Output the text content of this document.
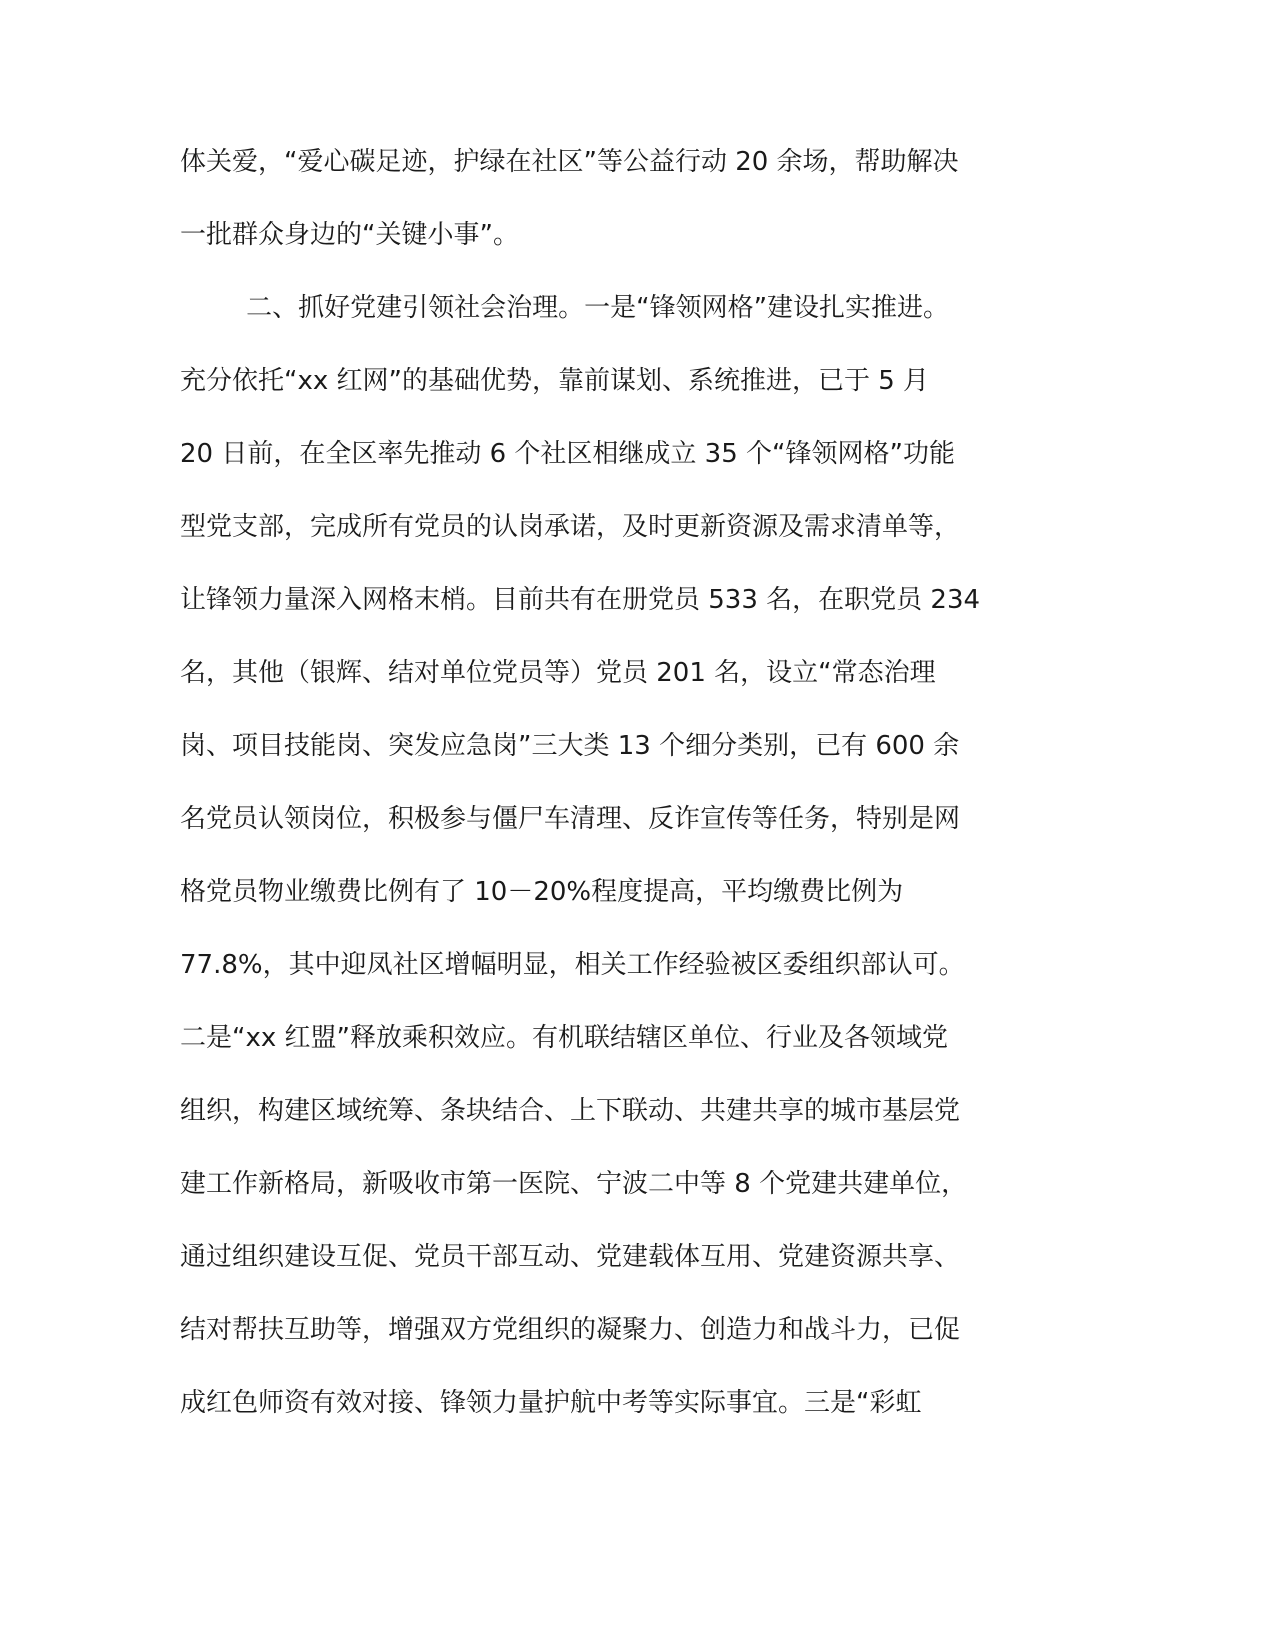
体关爱，“爱心碳足迹，护绿在社区”等公益行动 20 余场，帮助解决
一批群众身边的“关键小事”。
二、抓好党建引领社会治理。一是“锋领网格”建设扎实推进。
充分依托“xx 红网”的基础优势，靠前谋划、系统推进，已于 5 月
20 日前，在全区率先推动 6 个社区相继成立 35 个“锋领网格”功能
型党支部，完成所有党员的认岗承诺，及时更新资源及需求清单等，
让锋领力量深入网格末梢。目前共有在册党员 533 名，在职党员 234
名，其他（银辉、结对单位党员等）党员 201 名，设立“常态治理
岗、项目技能岗、突发应急岗”三大类 13 个细分类别，已有 600 余
名党员认领岗位，积极参与僵尸车清理、反诈宣传等任务，特别是网
格党员物业缴费比例有了 10－20%程度提高，平均缴费比例为
77.8%，其中迎凤社区增幅明显，相关工作经验被区委组织部认可。
二是“xx 红盟”释放乘积效应。有机联结辖区单位、行业及各领域党
组织，构建区域统筹、条块结合、上下联动、共建共享的城市基层党
建工作新格局，新吸收市第一医院、宁波二中等 8 个党建共建单位，
通过组织建设互促、党员干部互动、党建载体互用、党建资源共享、
结对帮扶互助等，增强双方党组织的凝聚力、创造力和战斗力，已促
成红色师资有效对接、锋领力量护航中考等实际事宜。三是“彩虹
